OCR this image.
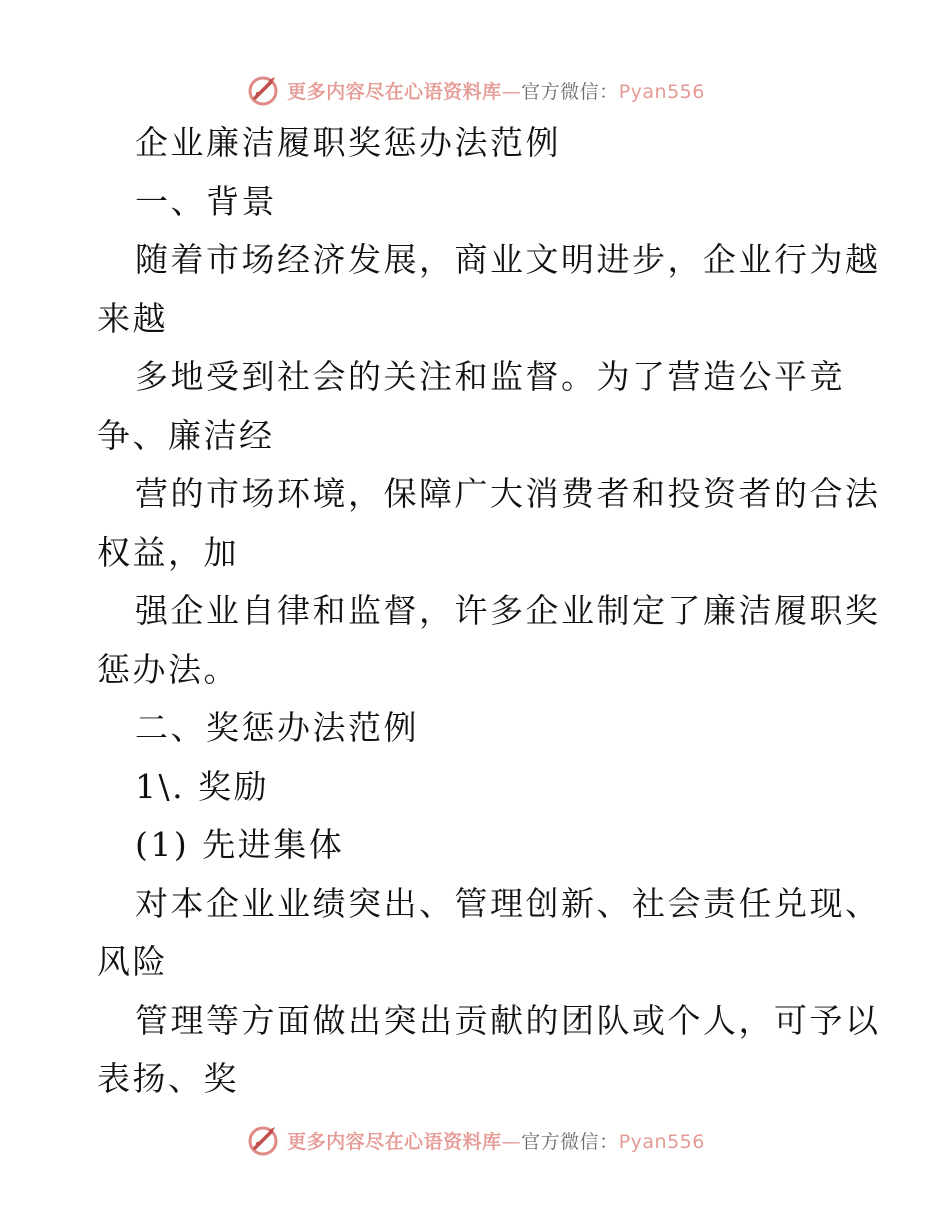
更多内容尽在心语资料库—官方微信：Pyan556
企业廉洁履职奖惩办法范例
一、背景
随着市场经济发展，商业文明进步，企业行为越
来越
多地受到社会的关注和监督。为了营造公平竞
争、廉洁经
营的市场环境，保障广大消费者和投资者的合法
权益，加
强企业自律和监督，许多企业制定了廉洁履职奖
惩办法。
二、奖惩办法范例
1\. 奖励
(1) 先进集体
对本企业业绩突出、管理创新、社会责任兑现、
风险
管理等方面做出突出贡献的团队或个人，可予以
表扬、奖
更多内容尽在心语资料库—官方微信：Pyan556
